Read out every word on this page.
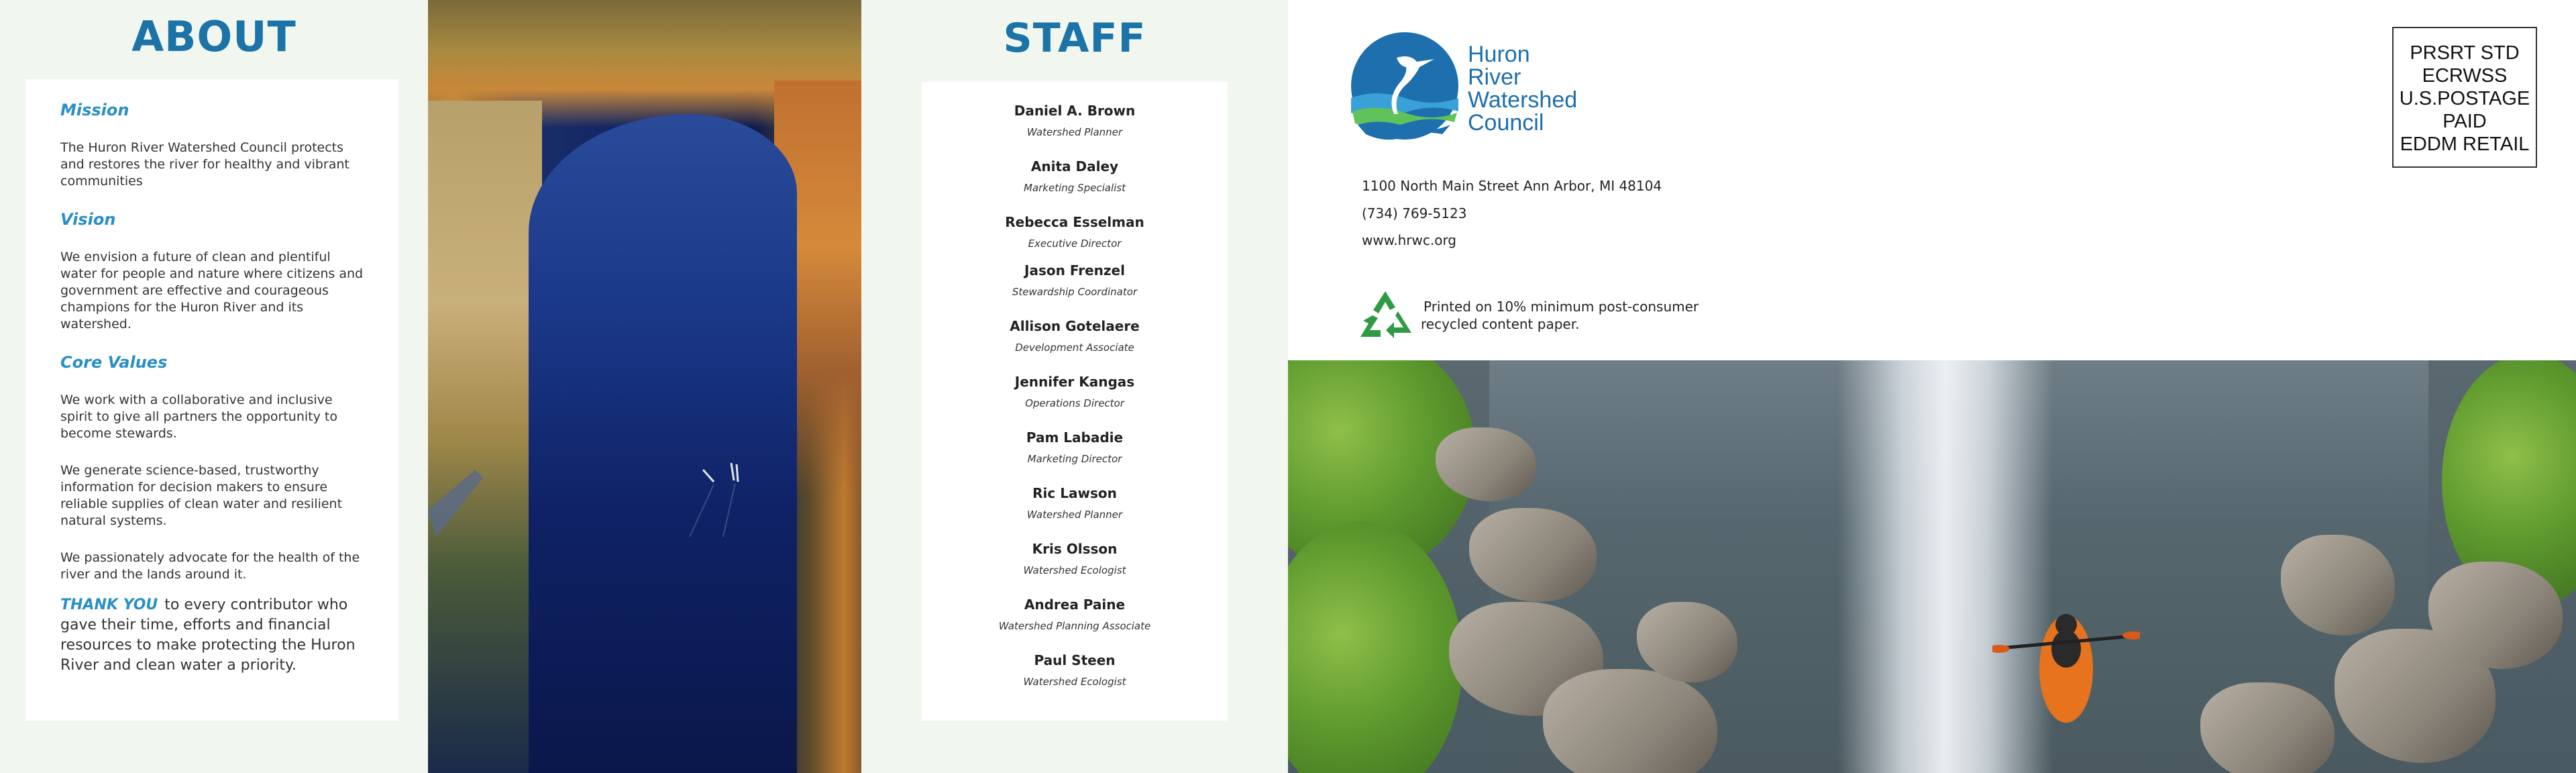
ABOUT
Mission

The Huron River Watershed Council protects and restores the river for healthy and vibrant communities

Vision

We envision a future of clean and plentiful water for people and nature where citizens and government are effective and courageous champions for the Huron River and its watershed.

Core Values

We work with a collaborative and inclusive spirit to give all partners the opportunity to become stewards.

We generate science-based, trustworthy information for decision makers to ensure reliable supplies of clean water and resilient natural systems.

We passionately advocate for the health of the river and the lands around it.

THANK YOU to every contributor who gave their time, efforts and financial resources to make protecting the Huron River and clean water a priority.

STAFF
Daniel A. Brown
Watershed Planner
Anita Daley
Marketing Specialist
Rebecca Esselman
Executive Director
Jason Frenzel
Stewardship Coordinator
Allison Gotelaere
Development Associate
Jennifer Kangas
Operations Director
Pam Labadie
Marketing Director
Ric Lawson
Watershed Planner
Kris Olsson
Watershed Ecologist
Andrea Paine
Watershed Planning Associate
Paul Steen
Watershed Ecologist
Huron
River
Watershed
Council
1100 North Main Street Ann Arbor, MI 48104
(734) 769-5123
www.hrwc.org
Printed on 10% minimum post-consumer
recycled content paper.
PRSRT STD
ECRWSS
U.S.POSTAGE
PAID
EDDM RETAIL
